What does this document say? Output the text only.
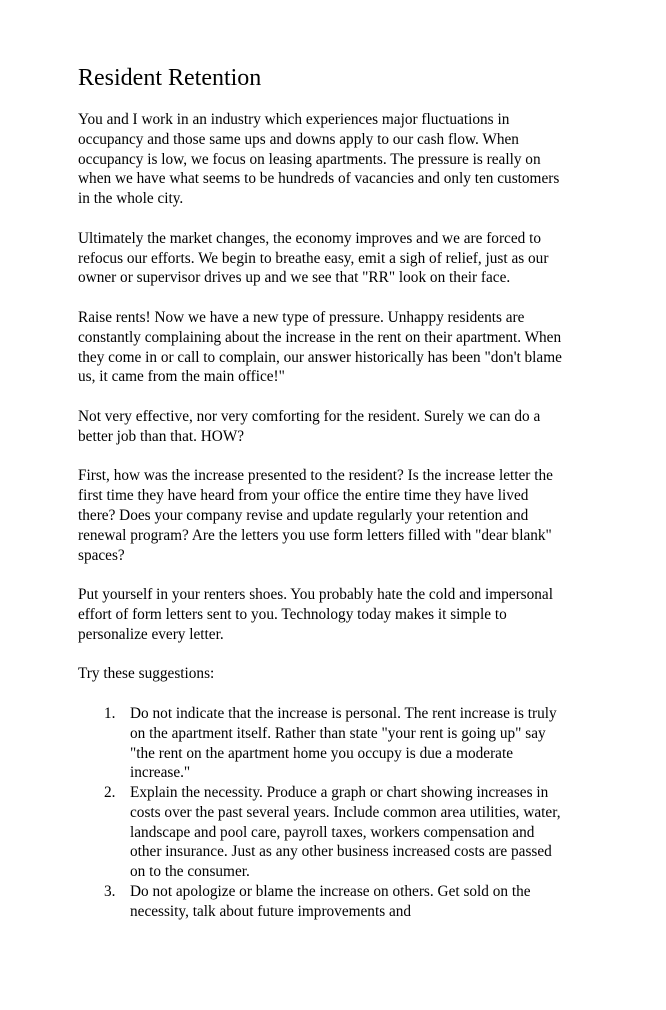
Resident Retention

You and I work in an industry which experiences major fluctuations in occupancy and those same ups and downs apply to our cash flow. When occupancy is low, we focus on leasing apartments. The pressure is really on when we have what seems to be hundreds of vacancies and only ten customers in the whole city.

Ultimately the market changes, the economy improves and we are forced to refocus our efforts. We begin to breathe easy, emit a sigh of relief, just as our owner or supervisor drives up and we see that "RR" look on their face.

Raise rents! Now we have a new type of pressure. Unhappy residents are constantly complaining about the increase in the rent on their apartment. When they come in or call to complain, our answer historically has been "don't blame us, it came from the main office!"

Not very effective, nor very comforting for the resident. Surely we can do a better job than that. HOW?

First, how was the increase presented to the resident? Is the increase letter the first time they have heard from your office the entire time they have lived there? Does your company revise and update regularly your retention and renewal program? Are the letters you use form letters filled with "dear blank" spaces?

Put yourself in your renters shoes. You probably hate the cold and impersonal effort of form letters sent to you. Technology today makes it simple to personalize every letter.

Try these suggestions:

1. Do not indicate that the increase is personal. The rent increase is truly on the apartment itself. Rather than state "your rent is going up" say "the rent on the apartment home you occupy is due a moderate increase."
2. Explain the necessity. Produce a graph or chart showing increases in costs over the past several years. Include common area utilities, water, landscape and pool care, payroll taxes, workers compensation and other insurance. Just as any other business increased costs are passed on to the consumer.
3. Do not apologize or blame the increase on others. Get sold on the necessity, talk about future improvements and
